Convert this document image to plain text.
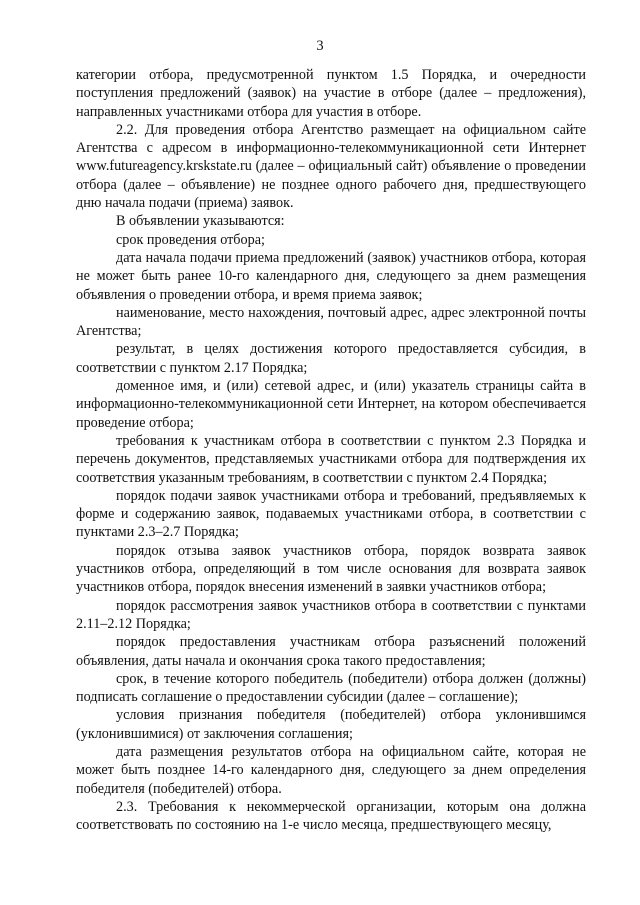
3

категории отбора, предусмотренной пунктом 1.5 Порядка, и очередности поступления предложений (заявок) на участие в отборе (далее – предложения), направленных участниками отбора для участия в отборе.

2.2. Для проведения отбора Агентство размещает на официальном сайте Агентства с адресом в информационно-телекоммуникационной сети Интернет www.futureagency.krskstate.ru (далее – официальный сайт) объявление о проведении отбора (далее – объявление) не позднее одного рабочего дня, предшествующего дню начала подачи (приема) заявок.

В объявлении указываются:

срок проведения отбора;

дата начала подачи приема предложений (заявок) участников отбора, которая не может быть ранее 10-го календарного дня, следующего за днем размещения объявления о проведении отбора, и время приема заявок;

наименование, место нахождения, почтовый адрес, адрес электронной почты Агентства;

результат, в целях достижения которого предоставляется субсидия, в соответствии с пунктом 2.17 Порядка;

доменное имя, и (или) сетевой адрес, и (или) указатель страницы сайта в информационно-телекоммуникационной сети Интернет, на котором обеспечивается проведение отбора;

требования к участникам отбора в соответствии с пунктом 2.3 Порядка и перечень документов, представляемых участниками отбора для подтверждения их соответствия указанным требованиям, в соответствии с пунктом 2.4 Порядка;

порядок подачи заявок участниками отбора и требований, предъявляемых к форме и содержанию заявок, подаваемых участниками отбора, в соответствии с пунктами 2.3–2.7 Порядка;

порядок отзыва заявок участников отбора, порядок возврата заявок участников отбора, определяющий в том числе основания для возврата заявок участников отбора, порядок внесения изменений в заявки участников отбора;

порядок рассмотрения заявок участников отбора в соответствии с пунктами 2.11–2.12 Порядка;

порядок предоставления участникам отбора разъяснений положений объявления, даты начала и окончания срока такого предоставления;

срок, в течение которого победитель (победители) отбора должен (должны) подписать соглашение о предоставлении субсидии (далее – соглашение);

условия признания победителя (победителей) отбора уклонившимся (уклонившимися) от заключения соглашения;

дата размещения результатов отбора на официальном сайте, которая не может быть позднее 14-го календарного дня, следующего за днем определения победителя (победителей) отбора.

2.3. Требования к некоммерческой организации, которым она должна соответствовать по состоянию на 1-е число месяца, предшествующего месяцу,
